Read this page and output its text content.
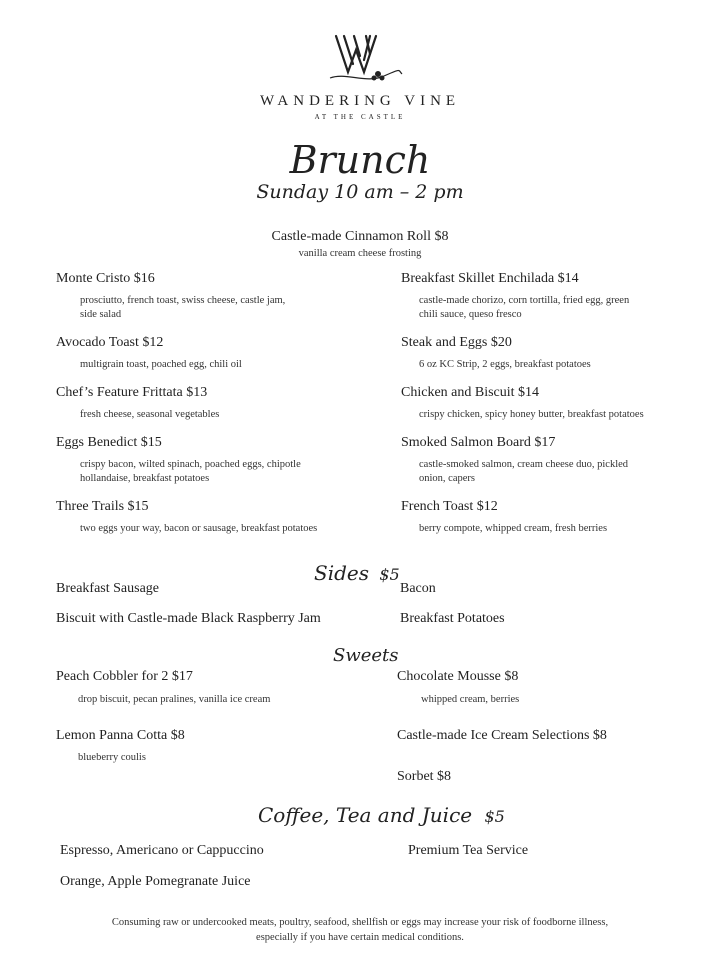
WANDERING VINE
AT THE CASTLE
Brunch
Sunday 10 am – 2 pm
Castle-made Cinnamon Roll $8
vanilla cream cheese frosting
Monte Cristo $16
prosciutto, french toast, swiss cheese, castle jam,
side salad
Avocado Toast $12
multigrain toast, poached egg, chili oil
Chef’s Feature Frittata $13
fresh cheese, seasonal vegetables
Eggs Benedict $15
crispy bacon, wilted spinach, poached eggs, chipotle
hollandaise, breakfast potatoes
Three Trails $15
two eggs your way, bacon or sausage, breakfast potatoes
Breakfast Skillet Enchilada $14
castle-made chorizo, corn tortilla, fried egg, green
chili sauce, queso fresco
Steak and Eggs $20
6 oz KC Strip, 2 eggs, breakfast potatoes
Chicken and Biscuit $14
crispy chicken, spicy honey butter, breakfast potatoes
Smoked Salmon Board $17
castle-smoked salmon, cream cheese duo, pickled
onion, capers
French Toast $12
berry compote, whipped cream, fresh berries
Sides $5
Breakfast Sausage	Bacon
Biscuit with Castle-made Black Raspberry Jam	Breakfast Potatoes
Sweets
Peach Cobbler for 2 $17
drop biscuit, pecan pralines, vanilla ice cream
Chocolate Mousse $8
whipped cream, berries
Lemon Panna Cotta $8
blueberry coulis
Castle-made Ice Cream Selections $8
Sorbet $8
Coffee, Tea and Juice $5
Espresso, Americano or Cappuccino	Premium Tea Service
Orange, Apple Pomegranate Juice
Consuming raw or undercooked meats, poultry, seafood, shellfish or eggs may increase your risk of foodborne illness,
especially if you have certain medical conditions.
